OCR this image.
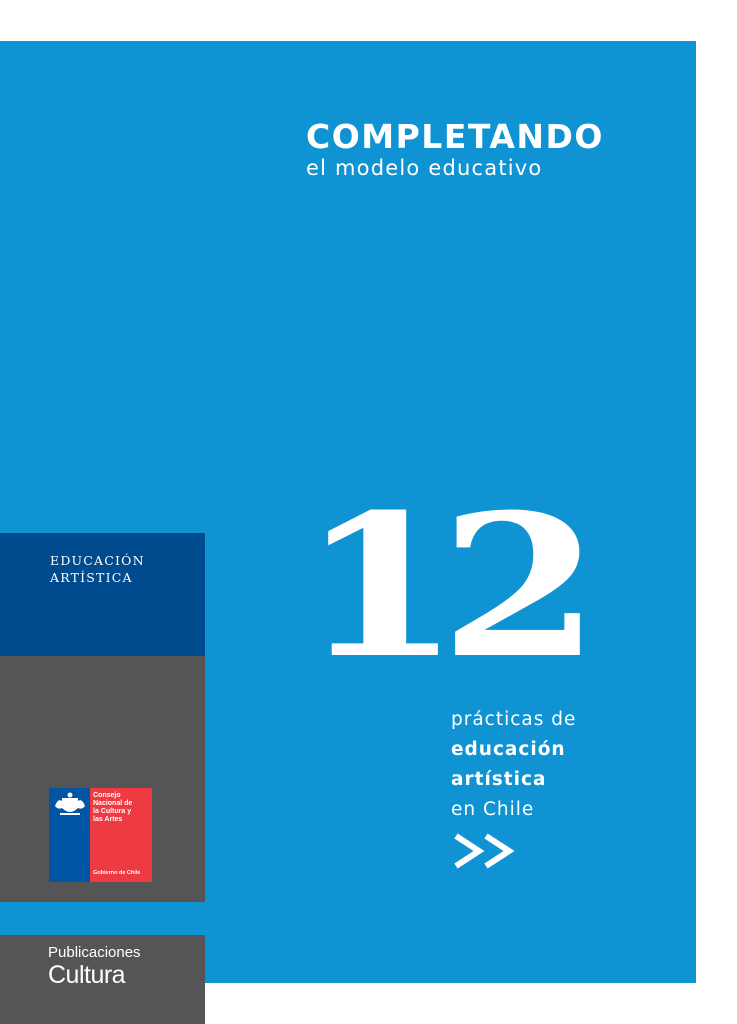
COMPLETANDO
el modelo educativo
12
prácticas de
educación
artística
en Chile
EDUCACIÓN
ARTÍSTICA
Consejo
Nacional de
la Cultura y
las Artes
Gobierno de Chile
Publicaciones
Cultura
